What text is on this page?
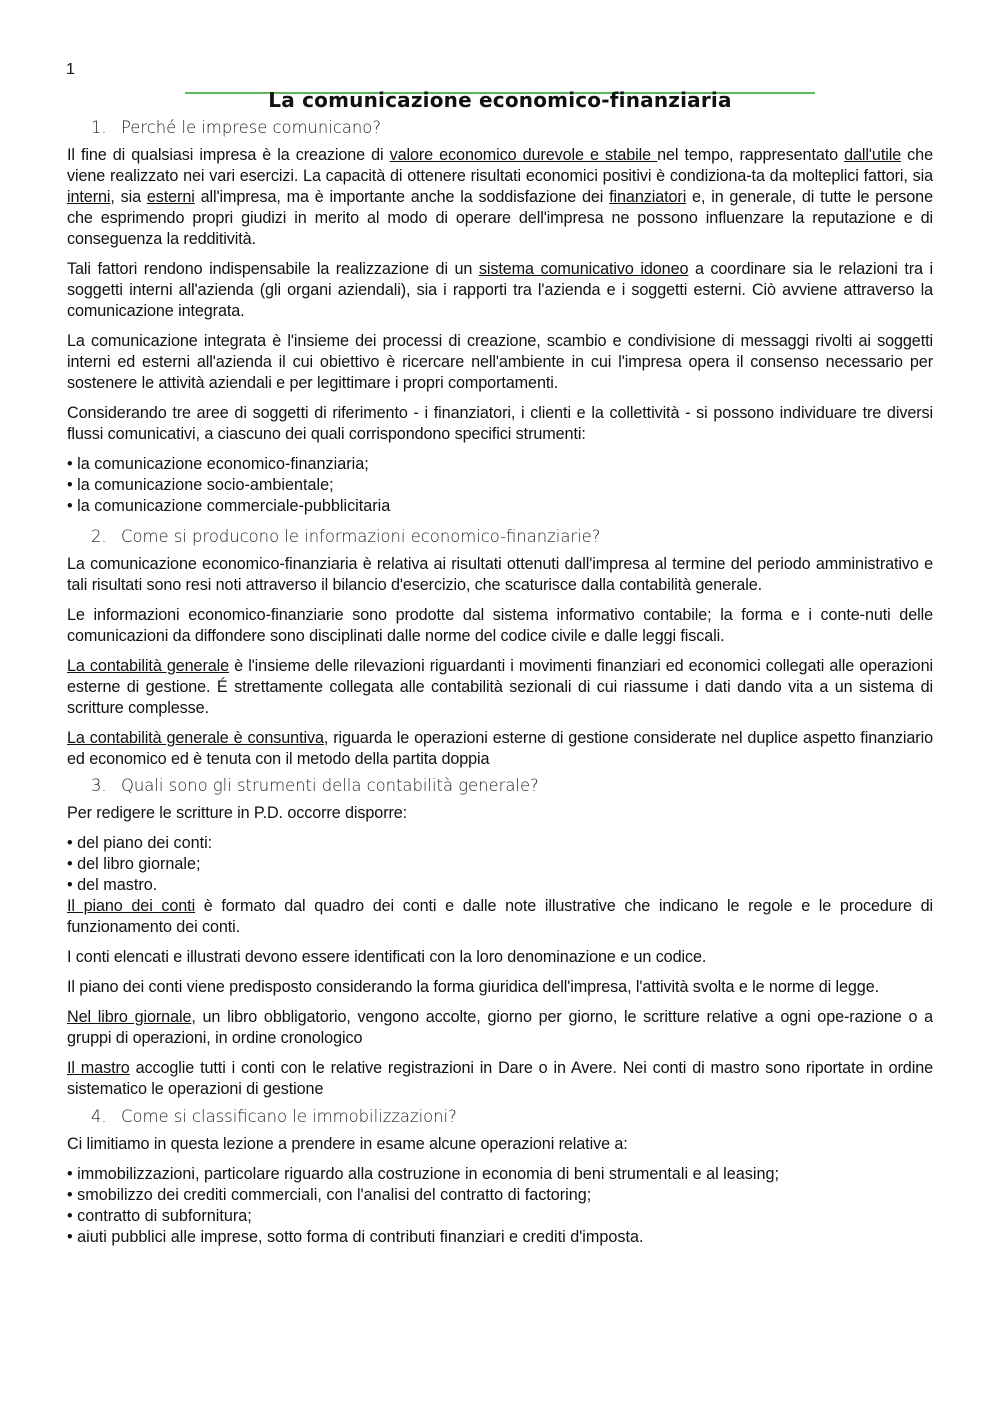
1
La comunicazione economico-finanziaria
1. Perché le imprese comunicano?

Il fine di qualsiasi impresa è la creazione di valore economico durevole e stabile nel tempo, rappresentato dall'utile che viene realizzato nei vari esercizi. La capacità di ottenere risultati economici positivi è condiziona-ta da molteplici fattori, sia interni, sia esterni all'impresa, ma è importante anche la soddisfazione dei finanziatori e, in generale, di tutte le persone che esprimendo propri giudizi in merito al modo di operare dell'impresa ne possono influenzare la reputazione e di conseguenza la redditività.

Tali fattori rendono indispensabile la realizzazione di un sistema comunicativo idoneo a coordinare sia le relazioni tra i soggetti interni all'azienda (gli organi aziendali), sia i rapporti tra l'azienda e i soggetti esterni. Ciò avviene attraverso la comunicazione integrata.

La comunicazione integrata è l'insieme dei processi di creazione, scambio e condivisione di messaggi rivolti ai soggetti interni ed esterni all'azienda il cui obiettivo è ricercare nell'ambiente in cui l'impresa opera il consenso necessario per sostenere le attività aziendali e per legittimare i propri comportamenti.

Considerando tre aree di soggetti di riferimento - i finanziatori, i clienti e la collettività - si possono individuare tre diversi flussi comunicativi, a ciascuno dei quali corrispondono specifici strumenti:

• la comunicazione economico-finanziaria;
• la comunicazione socio-ambientale;
• la comunicazione commerciale-pubblicitaria
2. Come si producono le informazioni economico-finanziarie?

La comunicazione economico-finanziaria è relativa ai risultati ottenuti dall'impresa al termine del periodo amministrativo e tali risultati sono resi noti attraverso il bilancio d'esercizio, che scaturisce dalla contabilità generale.

Le informazioni economico-finanziarie sono prodotte dal sistema informativo contabile; la forma e i conte-nuti delle comunicazioni da diffondere sono disciplinati dalle norme del codice civile e dalle leggi fiscali.

La contabilità generale è l'insieme delle rilevazioni riguardanti i movimenti finanziari ed economici collegati alle operazioni esterne di gestione. É strettamente collegata alle contabilità sezionali di cui riassume i dati dando vita a un sistema di scritture complesse.

La contabilità generale è consuntiva, riguarda le operazioni esterne di gestione considerate nel duplice aspetto finanziario ed economico ed è tenuta con il metodo della partita doppia

3. Quali sono gli strumenti della contabilità generale?

Per redigere le scritture in P.D. occorre disporre:

• del piano dei conti:
• del libro giornale;
• del mastro.

Il piano dei conti è formato dal quadro dei conti e dalle note illustrative che indicano le regole e le procedure di funzionamento dei conti.

I conti elencati e illustrati devono essere identificati con la loro denominazione e un codice.

Il piano dei conti viene predisposto considerando la forma giuridica dell'impresa, l'attività svolta e le norme di legge.

Nel libro giornale, un libro obbligatorio, vengono accolte, giorno per giorno, le scritture relative a ogni ope-razione o a gruppi di operazioni, in ordine cronologico

Il mastro accoglie tutti i conti con le relative registrazioni in Dare o in Avere. Nei conti di mastro sono riportate in ordine sistematico le operazioni di gestione

4. Come si classificano le immobilizzazioni?

Ci limitiamo in questa lezione a prendere in esame alcune operazioni relative a:

• immobilizzazioni, particolare riguardo alla costruzione in economia di beni strumentali e al leasing;
• smobilizzo dei crediti commerciali, con l'analisi del contratto di factoring;
• contratto di subfornitura;
• aiuti pubblici alle imprese, sotto forma di contributi finanziari e crediti d'imposta.
